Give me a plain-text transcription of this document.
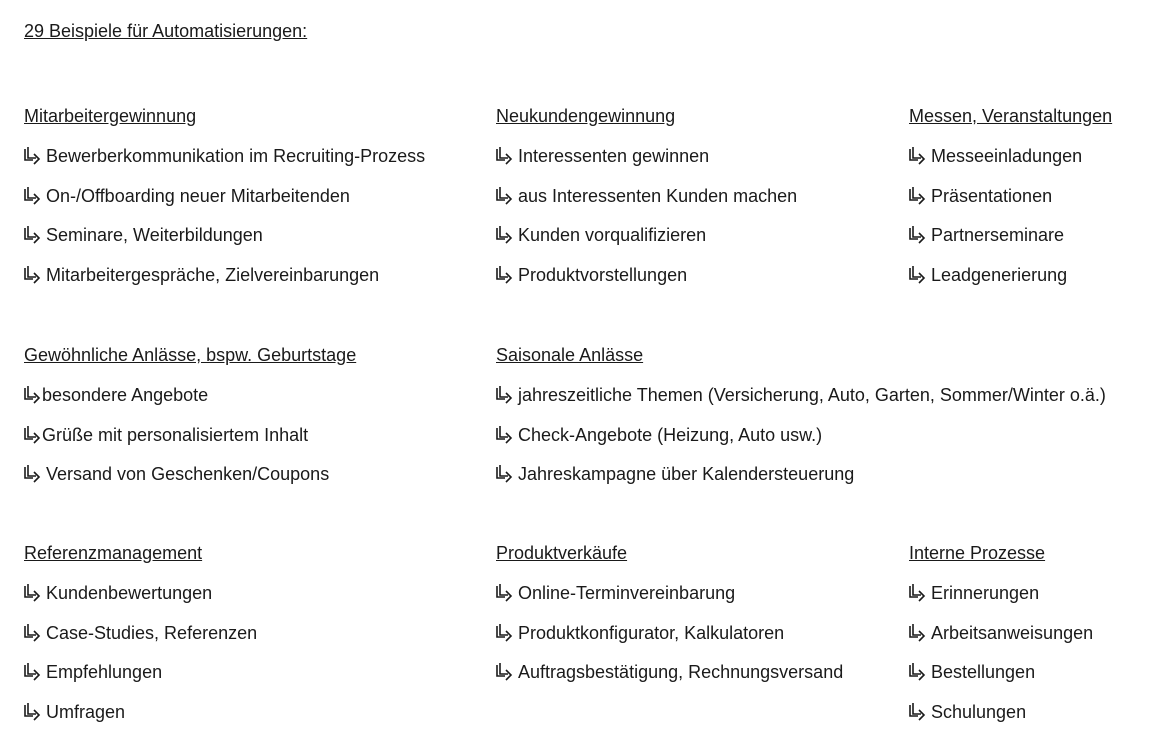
29 Beispiele für Automatisierungen:
Mitarbeitergewinnung
Bewerberkommunikation im Recruiting-Prozess
On-/Offboarding neuer Mitarbeitenden
Seminare, Weiterbildungen
Mitarbeitergespräche, Zielvereinbarungen
Neukundengewinnung
Interessenten gewinnen
aus Interessenten Kunden machen
Kunden vorqualifizieren
Produktvorstellungen
Messen, Veranstaltungen
Messeeinladungen
Präsentationen
Partnerseminare
Leadgenerierung
Gewöhnliche Anlässe, bspw. Geburtstage
besondere Angebote
Grüße mit personalisiertem Inhalt
Versand von Geschenken/Coupons
Saisonale Anlässe
jahreszeitliche Themen (Versicherung, Auto, Garten, Sommer/Winter o.ä.)
Check-Angebote (Heizung, Auto usw.)
Jahreskampagne über Kalendersteuerung
Referenzmanagement
Kundenbewertungen
Case-Studies, Referenzen
Empfehlungen
Umfragen
Produktverkäufe
Online-Terminvereinbarung
Produktkonfigurator, Kalkulatoren
Auftragsbestätigung, Rechnungsversand
Interne Prozesse
Erinnerungen
Arbeitsanweisungen
Bestellungen
Schulungen
